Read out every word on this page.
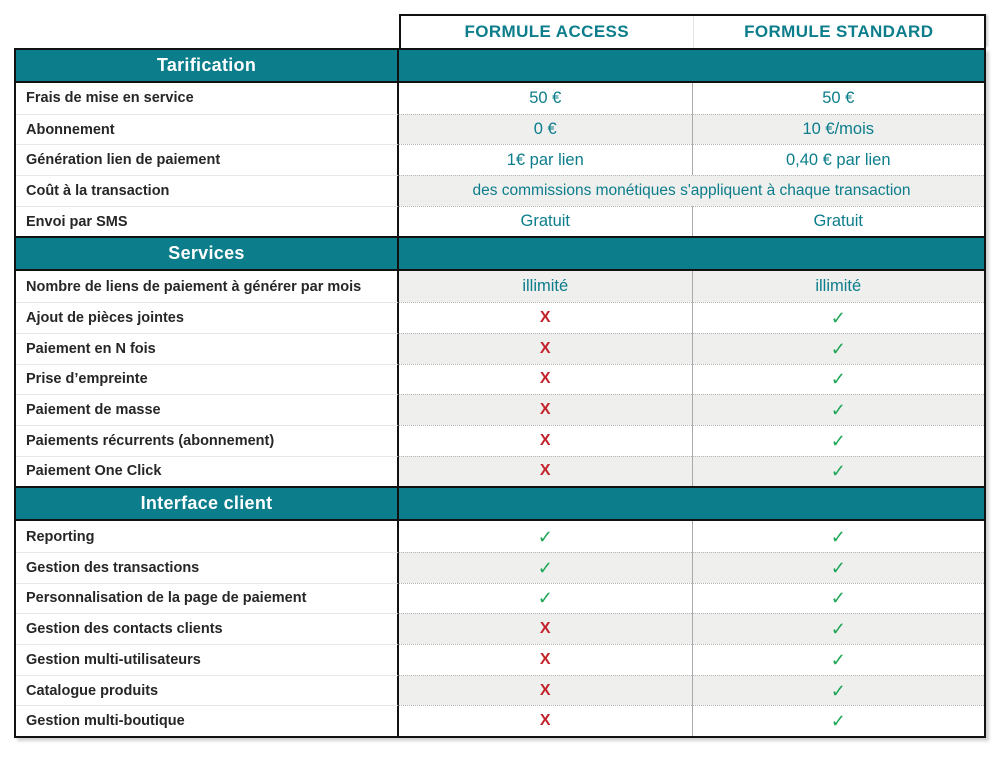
FORMULE ACCESS	FORMULE STANDARD
Tarification
Frais de mise en service	50 €	50 €
Abonnement	0 €	10 €/mois
Génération lien de paiement	1€ par lien	0,40 € par lien
Coût à la transaction	des commissions monétiques s'appliquent à chaque transaction
Envoi par SMS	Gratuit	Gratuit
Services
Nombre de liens de paiement à générer par mois	illimité	illimité
Ajout de pièces jointes	X	✓
Paiement en N fois	X	✓
Prise d’empreinte	X	✓
Paiement de masse	X	✓
Paiements récurrents (abonnement)	X	✓
Paiement One Click	X	✓
Interface client
Reporting	✓	✓
Gestion des transactions	✓	✓
Personnalisation de la page de paiement	✓	✓
Gestion des contacts clients	X	✓
Gestion multi-utilisateurs	X	✓
Catalogue produits	X	✓
Gestion multi-boutique	X	✓
